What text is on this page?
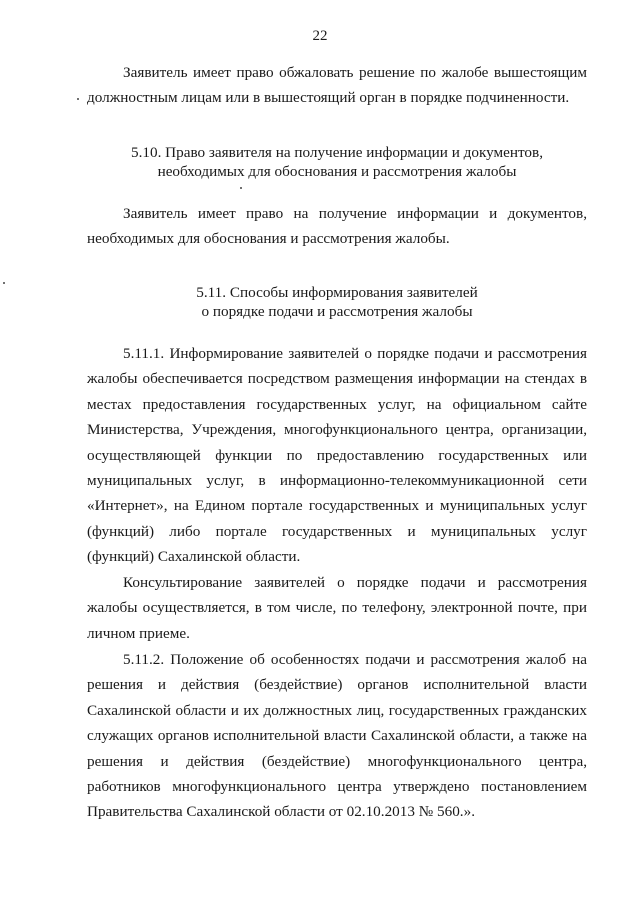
22

Заявитель имеет право обжаловать решение по жалобе вышестоящим должностным лицам или в вышестоящий орган в порядке подчиненности.

5.10. Право заявителя на получение информации и документов,
необходимых для обоснования и рассмотрения жалобы

Заявитель имеет право на получение информации и документов, необходимых для обоснования и рассмотрения жалобы.

5.11. Способы информирования заявителей
о порядке подачи и рассмотрения жалобы

5.11.1. Информирование заявителей о порядке подачи и рассмотрения жалобы обеспечивается посредством размещения информации на стендах в местах предоставления государственных услуг, на официальном сайте Министерства, Учреждения, многофункционального центра, организации, осуществляющей функции по предоставлению государственных или муниципальных услуг, в информационно-телекоммуникационной сети «Интернет», на Едином портале государственных и муниципальных услуг (функций) либо портале государственных и муниципальных услуг (функций) Сахалинской области.

Консультирование заявителей о порядке подачи и рассмотрения жалобы осуществляется, в том числе, по телефону, электронной почте, при личном приеме.

5.11.2. Положение об особенностях подачи и рассмотрения жалоб на решения и действия (бездействие) органов исполнительной власти Сахалинской области и их должностных лиц, государственных гражданских служащих органов исполнительной власти Сахалинской области, а также на решения и действия (бездействие) многофункционального центра, работников многофункционального центра утверждено постановлением Правительства Сахалинской области от 02.10.2013 № 560.».
